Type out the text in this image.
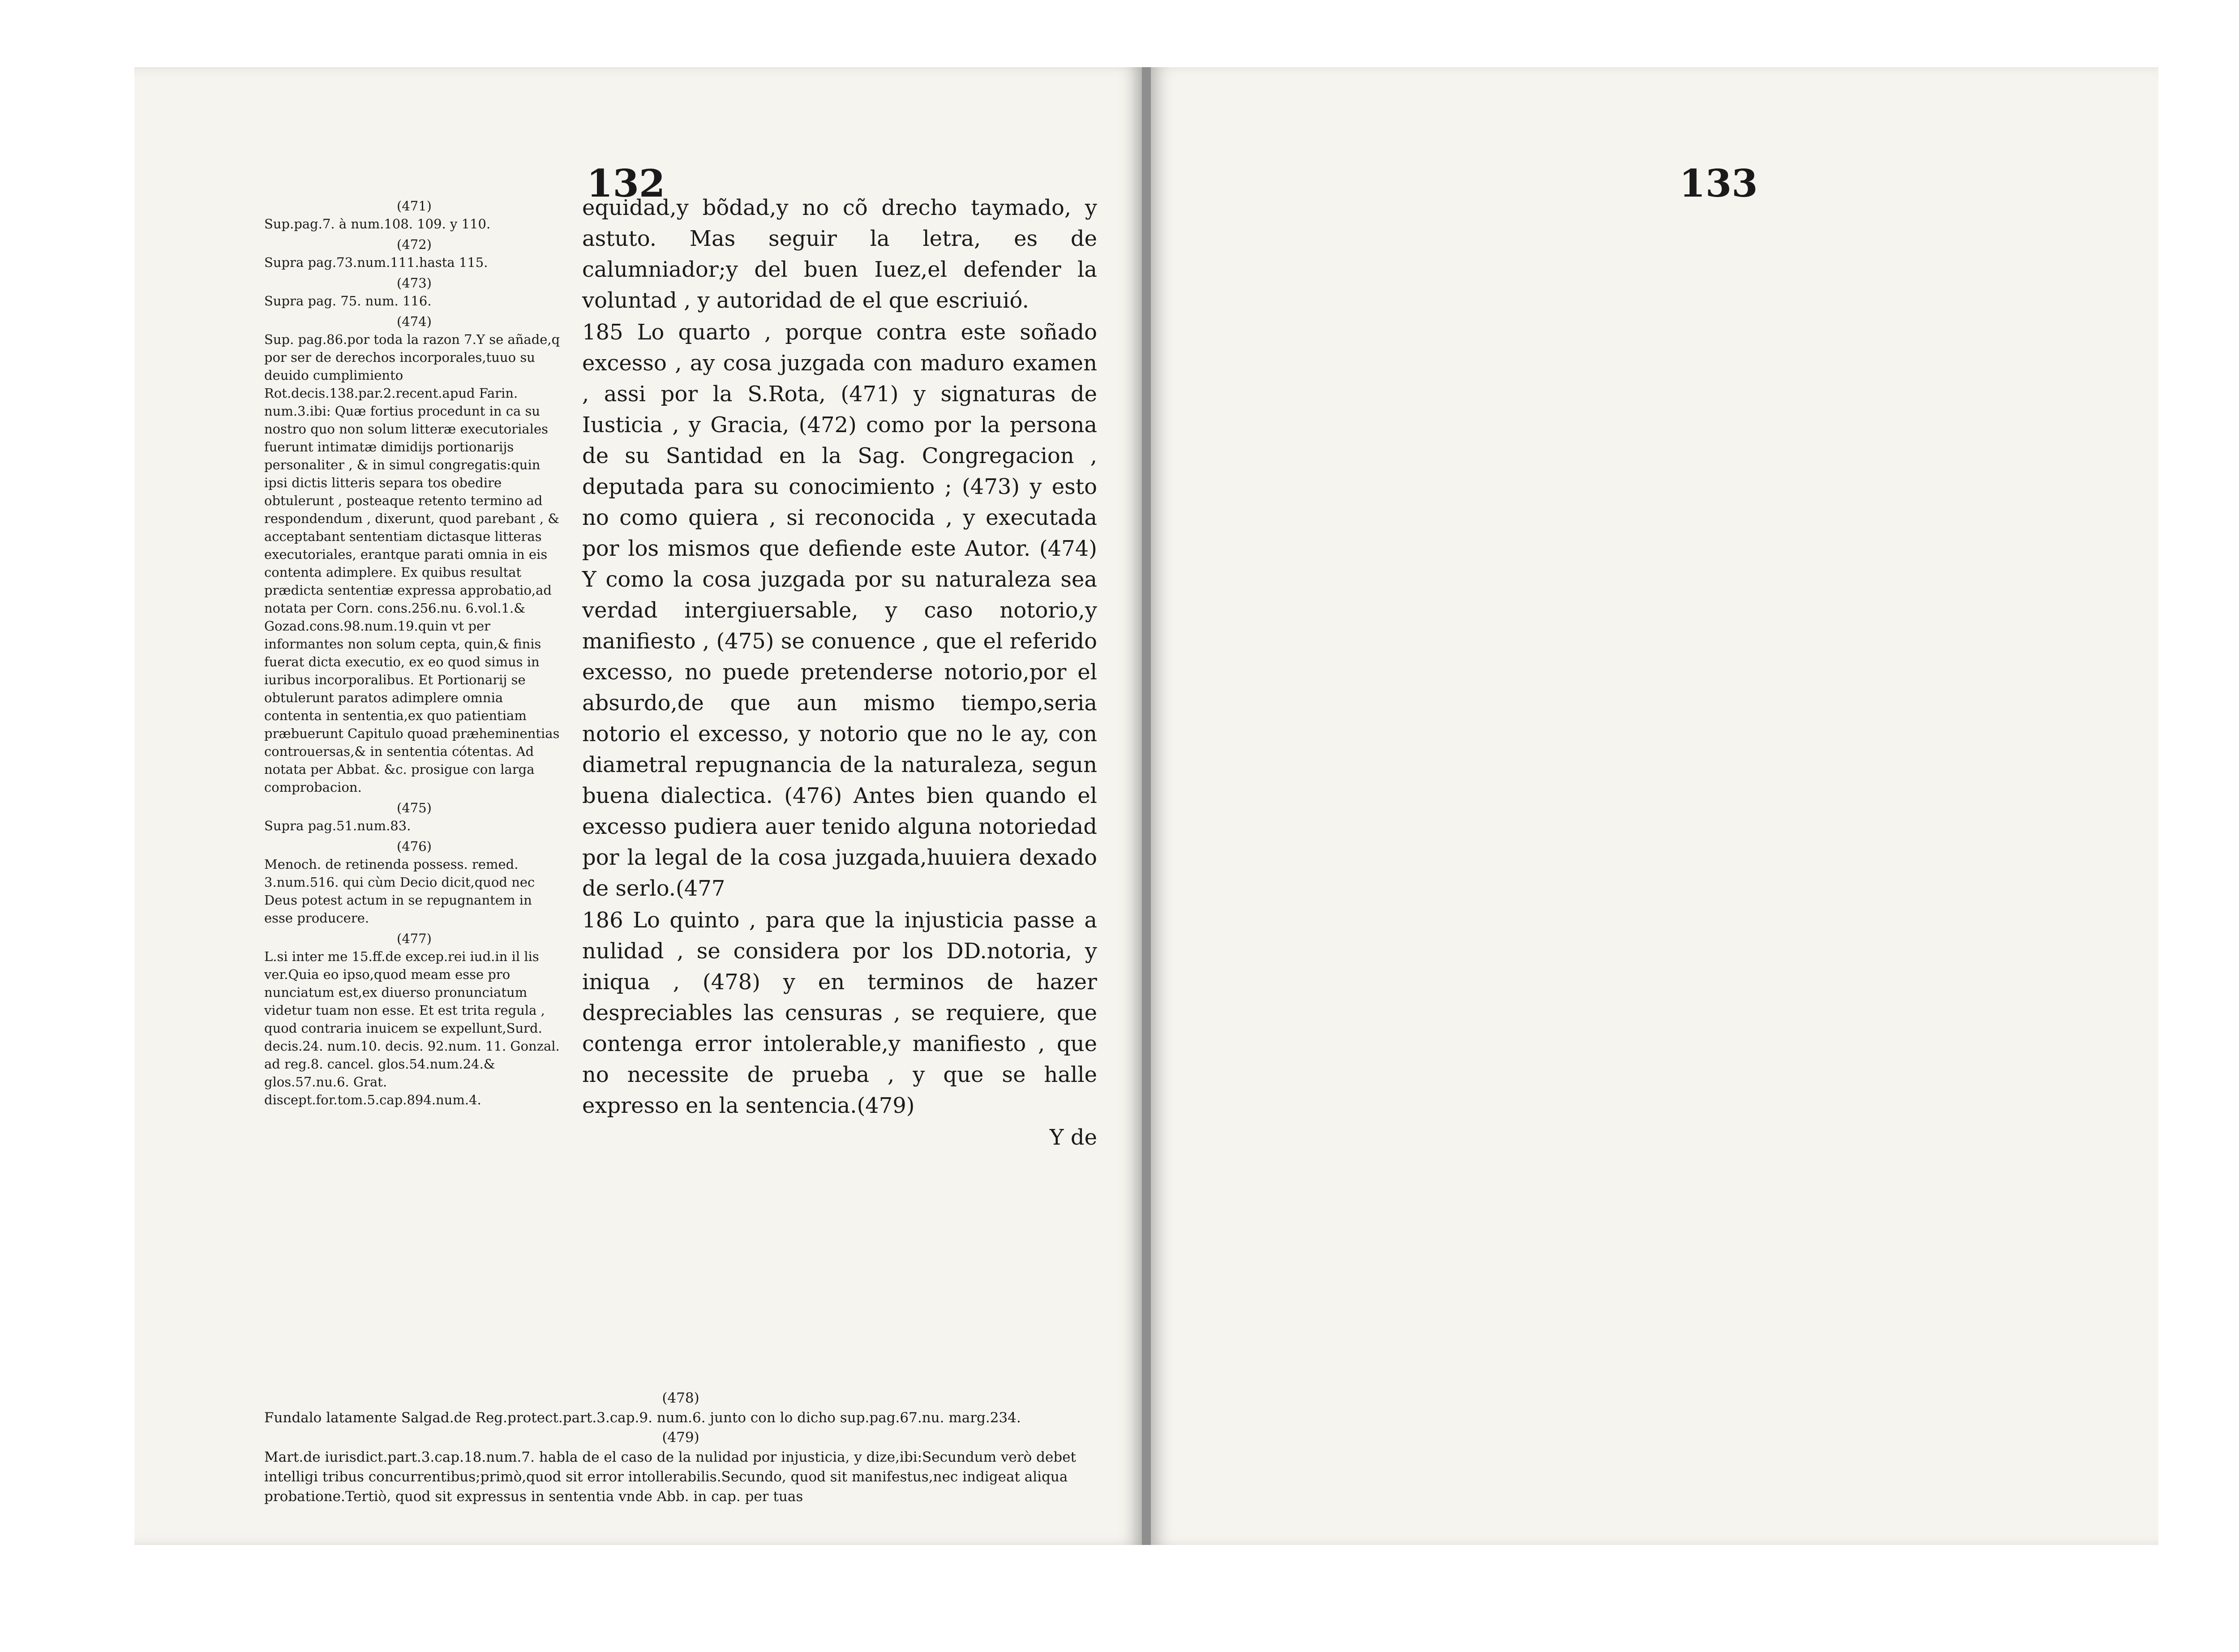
132
(471)

Sup.pag.7. à num.108. 109. y 110.

(472)

Supra pag.73.num.111.hasta 115.

(473)

Supra pag. 75. num. 116.

(474)

Sup. pag.86.por toda la razon 7.Y se añade,q por ser de derechos incorporales,tuuo su deuido cumplimiento Rot.decis.138.par.2.recent.apud Farin. num.3.ibi: Quæ fortius procedunt in ca su nostro quo non solum litteræ executoriales fuerunt intimatæ dimidijs portionarijs personaliter , & in simul congregatis:quin ipsi dictis litteris separa tos obedire obtulerunt , posteaque retento termino ad respondendum , dixerunt, quod parebant , & acceptabant sententiam dictasque litteras executoriales, erantque parati omnia in eis contenta adimplere. Ex quibus resultat prædicta sententiæ expressa approbatio,ad notata per Corn. cons.256.nu. 6.vol.1.& Gozad.cons.98.num.19.quin vt per informantes non solum cepta, quin,& finis fuerat dicta executio, ex eo quod simus in iuribus incorporalibus. Et Portionarij se obtulerunt paratos adimplere omnia contenta in sententia,ex quo patientiam præbuerunt Capitulo quoad præheminentias controuersas,& in sententia cótentas. Ad notata per Abbat. &c. prosigue con larga comprobacion.

(475)

Supra pag.51.num.83.

(476)

Menoch. de retinenda possess. remed. 3.num.516. qui cùm Decio dicit,quod nec Deus potest actum in se repugnantem in esse producere.

(477)

L.si inter me 15.ff.de excep.rei iud.in il lis ver.Quia eo ipso,quod meam esse pro nunciatum est,ex diuerso pronunciatum videtur tuam non esse. Et est trita regula , quod contraria inuicem se expellunt,Surd. decis.24. num.10. decis. 92.num. 11. Gonzal. ad reg.8. cancel. glos.54.num.24.& glos.57.nu.6. Grat. discept.for.tom.5.cap.894.num.4.

equidad,y bõdad,y no cõ drecho taymado, y astuto. Mas seguir la letra, es de calumniador;y del buen Iuez,el defender la voluntad , y autoridad de el que escriuió.

185 Lo quarto , porque contra este soñado excesso , ay cosa juzgada con maduro examen , assi por la S.Rota, (471) y signaturas de Iusticia , y Gracia, (472) como por la persona de su Santidad en la Sag. Congregacion , deputada para su conocimiento ; (473) y esto no como quiera , si reconocida , y executada por los mismos que defiende este Autor. (474) Y como la cosa juzgada por su naturaleza sea verdad intergiuersable, y caso notorio,y manifiesto , (475) se conuence , que el referido excesso, no puede pretenderse notorio,por el absurdo,de que aun mismo tiempo,seria notorio el excesso, y notorio que no le ay, con diametral repugnancia de la naturaleza, segun buena dialectica. (476) Antes bien quando el excesso pudiera auer tenido alguna notoriedad por la legal de la cosa juzgada,huuiera dexado de serlo.(477

186 Lo quinto , para que la injusticia passe a nulidad , se considera por los DD.notoria, y iniqua , (478) y en terminos de hazer despreciables las censuras , se requiere, que contenga error intolerable,y manifiesto , que no necessite de prueba , y que se halle expresso en la sentencia.(479)

Y de

(478)

Fundalo latamente Salgad.de Reg.protect.part.3.cap.9. num.6. junto con lo dicho sup.pag.67.nu. marg.234.

(479)

Mart.de iurisdict.part.3.cap.18.num.7. habla de el caso de la nulidad por injusticia, y dize,ibi:Secundum verò debet intelligi tribus concurrentibus;primò,quod sit error intollerabilis.Secundo, quod sit manifestus,nec indigeat aliqua probatione.Tertiò, quod sit expressus in sententia vnde Abb. in cap. per tuas

133
